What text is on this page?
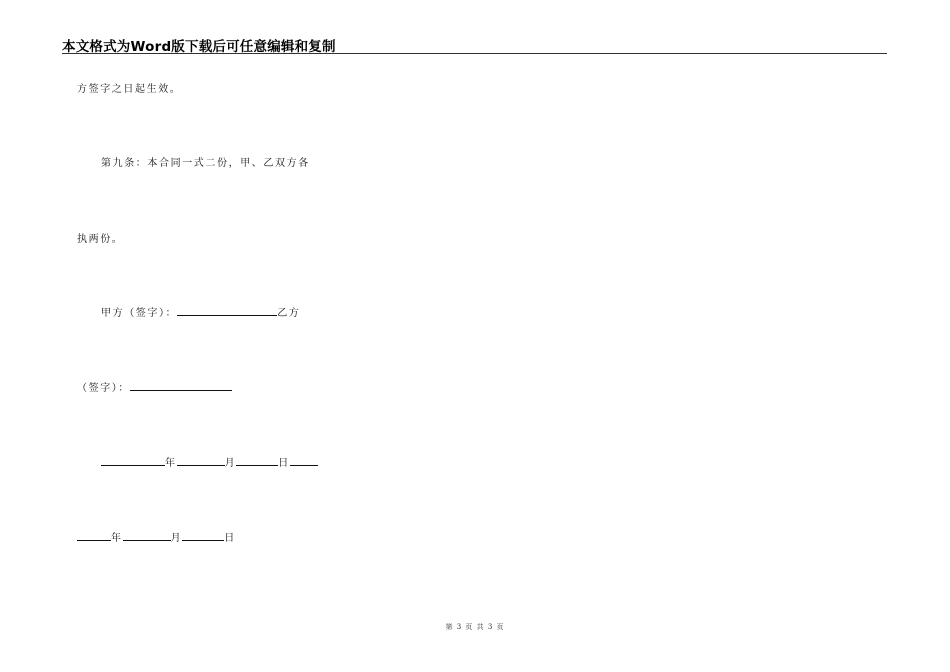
本文格式为Word版下载后可任意编辑和复制
方签字之日起生效。
第九条：本合同一式二份，甲、乙双方各
执两份。
甲方（签字）：	乙方
（签字）：
年	月	日
年	月	日
第 3 页 共 3 页
